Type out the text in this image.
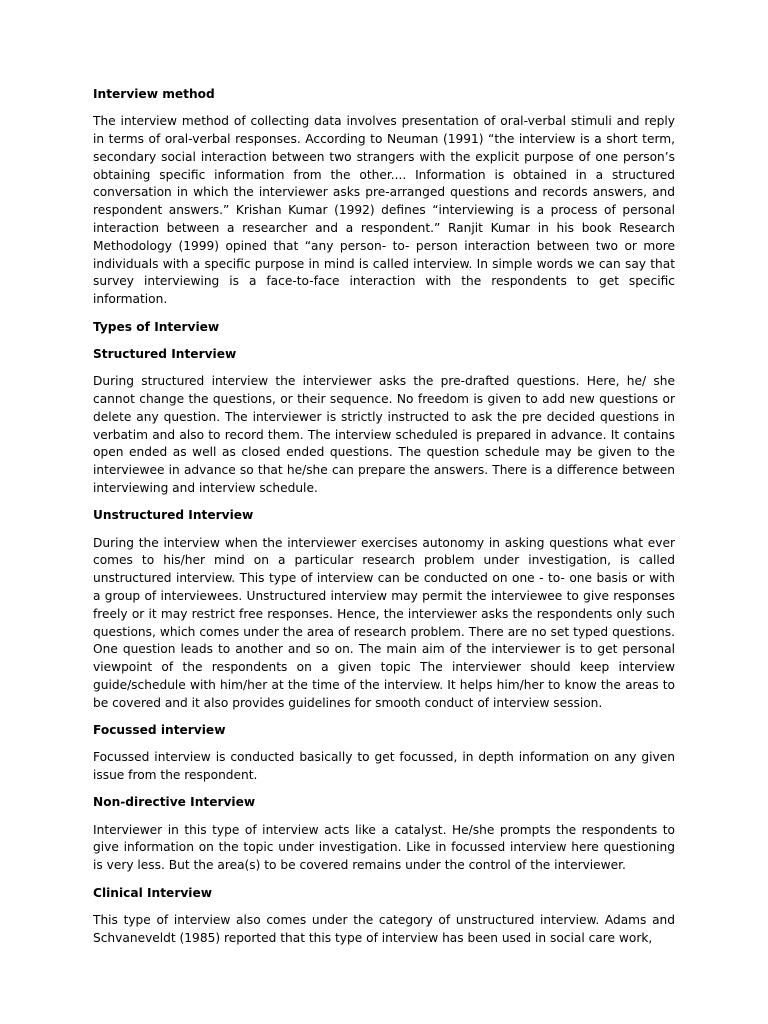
Interview method
The interview method of collecting data involves presentation of oral-verbal stimuli and reply in terms of oral-verbal responses. According to Neuman (1991) “the interview is a short term, secondary social interaction between two strangers with the explicit purpose of one person’s obtaining specific information from the other.... Information is obtained in a structured conversation in which the interviewer asks pre-arranged questions and records answers, and respondent answers.” Krishan Kumar (1992) defines “interviewing is a process of personal interaction between a researcher and a respondent.” Ranjit Kumar in his book Research Methodology (1999) opined that “any person- to- person interaction between two or more individuals with a specific purpose in mind is called interview. In simple words we can say that survey interviewing is a face-to-face interaction with the respondents to get specific information.
Types of Interview
Structured Interview
During structured interview the interviewer asks the pre-drafted questions. Here, he/ she cannot change the questions, or their sequence. No freedom is given to add new questions or delete any question. The interviewer is strictly instructed to ask the pre decided questions in verbatim and also to record them. The interview scheduled is prepared in advance. It contains open ended as well as closed ended questions. The question schedule may be given to the interviewee in advance so that he/she can prepare the answers. There is a difference between interviewing and interview schedule.
Unstructured Interview
During the interview when the interviewer exercises autonomy in asking questions what ever comes to his/her mind on a particular research problem under investigation, is called unstructured interview. This type of interview can be conducted on one - to- one basis or with a group of interviewees. Unstructured interview may permit the interviewee to give responses freely or it may restrict free responses. Hence, the interviewer asks the respondents only such questions, which comes under the area of research problem. There are no set typed questions. One question leads to another and so on. The main aim of the interviewer is to get personal viewpoint of the respondents on a given topic The interviewer should keep interview guide/schedule with him/her at the time of the interview. It helps him/her to know the areas to be covered and it also provides guidelines for smooth conduct of interview session.
Focussed interview
Focussed interview is conducted basically to get focussed, in depth information on any given issue from the respondent.
Non-directive Interview
Interviewer in this type of interview acts like a catalyst. He/she prompts the respondents to give information on the topic under investigation. Like in focussed interview here questioning is very less. But the area(s) to be covered remains under the control of the interviewer.
Clinical Interview
This type of interview also comes under the category of unstructured interview. Adams and Schvaneveldt (1985) reported that this type of interview has been used in social care work,
